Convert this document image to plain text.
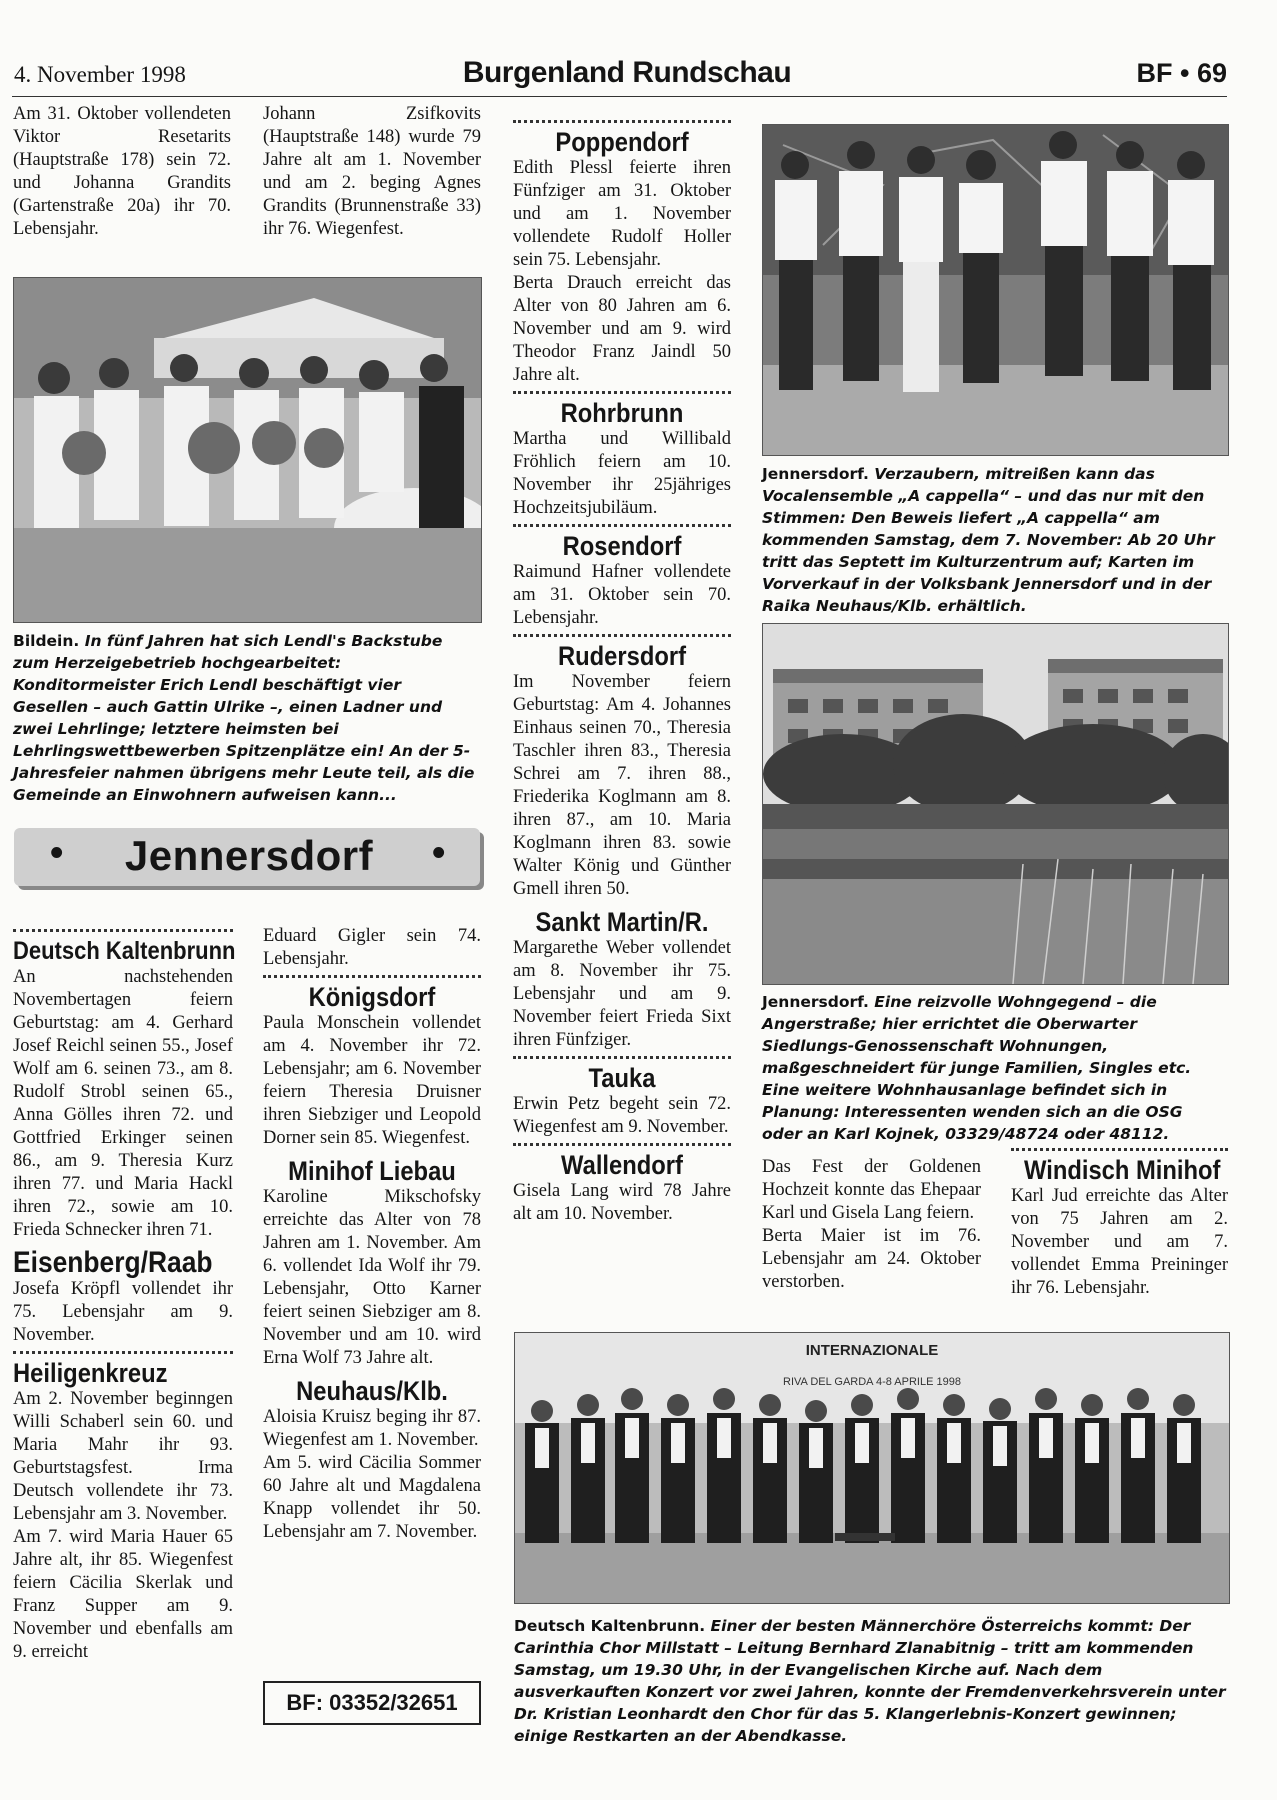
4. November 1998	Burgenland Rundschau	BF • 69

Am 31. Oktober vollendeten Viktor Resetarits (Hauptstraße 178) sein 72. und Johanna Grandits (Gartenstraße 20a) ihr 70. Lebensjahr.

Johann Zsifkovits (Hauptstraße 148) wurde 79 Jahre alt am 1. November und am 2. beging Agnes Grandits (Brunnenstraße 33) ihr 76. Wiegenfest.

Bildein. In fünf Jahren hat sich Lendl's Backstube zum Herzeigebetrieb hochgearbeitet: Konditormeister Erich Lendl beschäftigt vier Gesellen – auch Gattin Ulrike –, einen Ladner und zwei Lehrlinge; letztere heimsten bei Lehrlingswettbewerben Spitzenplätze ein! An der 5-Jahresfeier nahmen übrigens mehr Leute teil, als die Gemeinde an Einwohnern aufweisen kann...
•	Jennersdorf	•
Deutsch Kaltenbrunn

An nachstehenden Novembertagen feiern Geburtstag: am 4. Gerhard Josef Reichl seinen 55., Josef Wolf am 6. seinen 73., am 8. Rudolf Strobl seinen 65., Anna Gölles ihren 72. und Gottfried Erkinger seinen 86., am 9. Theresia Kurz ihren 77. und Maria Hackl ihren 72., sowie am 10. Frieda Schnecker ihren 71.

Eisenberg/Raab

Josefa Kröpfl vollendet ihr 75. Lebensjahr am 9. November.

Heiligenkreuz

Am 2. November beginngen Willi Schaberl sein 60. und Maria Mahr ihr 93. Geburtstagsfest. Irma Deutsch vollendete ihr 73. Lebensjahr am 3. November.

Am 7. wird Maria Hauer 65 Jahre alt, ihr 85. Wiegenfest feiern Cäcilia Skerlak und Franz Supper am 9. November und ebenfalls am 9. erreicht

Eduard Gigler sein 74. Lebensjahr.

Königsdorf

Paula Monschein vollendet am 4. November ihr 72. Lebensjahr; am 6. November feiern Theresia Druisner ihren Siebziger und Leopold Dorner sein 85. Wiegenfest.

Minihof Liebau

Karoline Mikschofsky erreichte das Alter von 78 Jahren am 1. November. Am 6. vollendet Ida Wolf ihr 79. Lebensjahr, Otto Karner feiert seinen Siebziger am 8. November und am 10. wird Erna Wolf 73 Jahre alt.

Neuhaus/Klb.

Aloisia Kruisz beging ihr 87. Wiegenfest am 1. November.

Am 5. wird Cäcilia Sommer 60 Jahre alt und Magdalena Knapp vollendet ihr 50. Lebensjahr am 7. November.

BF: 03352/32651
Poppendorf

Edith Plessl feierte ihren Fünfziger am 31. Oktober und am 1. November vollendete Rudolf Holler sein 75. Lebensjahr.

Berta Drauch erreicht das Alter von 80 Jahren am 6. November und am 9. wird Theodor Franz Jaindl 50 Jahre alt.

Rohrbrunn

Martha und Willibald Fröhlich feiern am 10. November ihr 25jähriges Hochzeitsjubiläum.

Rosendorf

Raimund Hafner vollendete am 31. Oktober sein 70. Lebensjahr.

Rudersdorf

Im November feiern Geburtstag: Am 4. Johannes Einhaus seinen 70., Theresia Taschler ihren 83., Theresia Schrei am 7. ihren 88., Friederika Koglmann am 8. ihren 87., am 10. Maria Koglmann ihren 83. sowie Walter König und Günther Gmell ihren 50.

Sankt Martin/R.

Margarethe Weber vollendet am 8. November ihr 75. Lebensjahr und am 9. November feiert Frieda Sixt ihren Fünfziger.

Tauka

Erwin Petz begeht sein 72. Wiegenfest am 9. November.

Wallendorf

Gisela Lang wird 78 Jahre alt am 10. November.

Jennersdorf. Verzaubern, mitreißen kann das Vocalensemble „A cappella“ – und das nur mit den Stimmen: Den Beweis liefert „A cappella“ am kommenden Samstag, dem 7. November: Ab 20 Uhr tritt das Septett im Kulturzentrum auf; Karten im Vorverkauf in der Volksbank Jennersdorf und in der Raika Neuhaus/Klb. erhältlich.
Jennersdorf. Eine reizvolle Wohngegend – die Angerstraße; hier errichtet die Oberwarter Siedlungs-Genossenschaft Wohnungen, maßgeschneidert für junge Familien, Singles etc. Eine weitere Wohnhausanlage befindet sich in Planung: Interessenten wenden sich an die OSG oder an Karl Kojnek, 03329/48724 oder 48112.

Das Fest der Goldenen Hochzeit konnte das Ehepaar Karl und Gisela Lang feiern.

Berta Maier ist im 76. Lebensjahr am 24. Oktober verstorben.

Windisch Minihof

Karl Jud erreichte das Alter von 75 Jahren am 2. November und am 7. vollendet Emma Preininger ihr 76. Lebensjahr.

INTERNAZIONALE
RIVA DEL GARDA 4-8 APRILE 1998
Deutsch Kaltenbrunn. Einer der besten Männerchöre Österreichs kommt: Der Carinthia Chor Millstatt – Leitung Bernhard Zlanabitnig – tritt am kommenden Samstag, um 19.30 Uhr, in der Evangelischen Kirche auf. Nach dem ausverkauften Konzert vor zwei Jahren, konnte der Fremdenverkehrsverein unter Dr. Kristian Leonhardt den Chor für das 5. Klangerlebnis-Konzert gewinnen; einige Restkarten an der Abendkasse.
